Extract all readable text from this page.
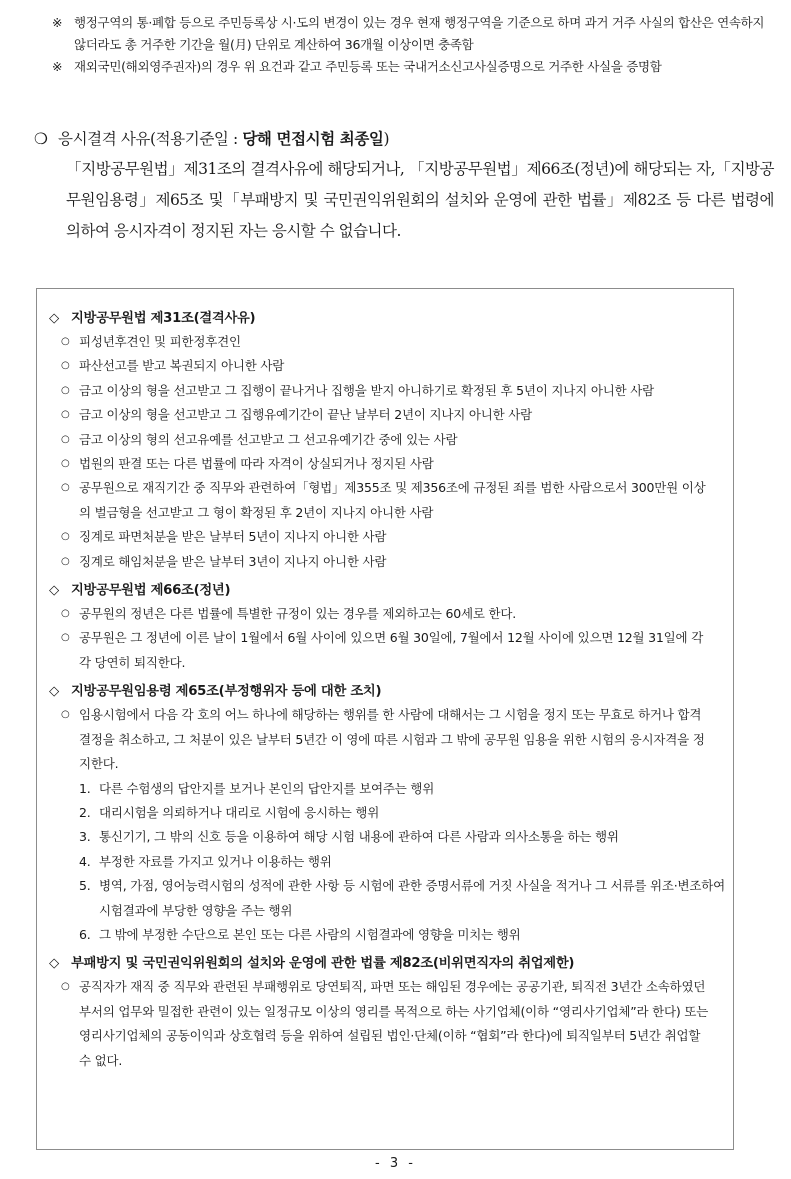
※ 행정구역의 통·폐합 등으로 주민등록상 시·도의 변경이 있는 경우 현재 행정구역을 기준으로 하며 과거 거주 사실의 합산은 연속하지 않더라도 총 거주한 기간을 월(月) 단위로 계산하여 36개월 이상이면 충족함
※ 재외국민(해외영주권자)의 경우 위 요건과 같고 주민등록 또는 국내거소신고사실증명으로 거주한 사실을 증명함
❍ 응시결격 사유(적용기준일 : 당해 면접시험 최종일)
「지방공무원법」제31조의 결격사유에 해당되거나, 「지방공무원법」제66조(정년)에 해당되는 자,「지방공무원임용령」제65조 및「부패방지 및 국민권익위원회의 설치와 운영에 관한 법률」제82조 등 다른 법령에 의하여 응시자격이 정지된 자는 응시할 수 없습니다.
◇ 지방공무원법 제31조(결격사유)
○ 피성년후견인 및 피한정후견인
○ 파산선고를 받고 복권되지 아니한 사람
○ 금고 이상의 형을 선고받고 그 집행이 끝나거나 집행을 받지 아니하기로 확정된 후 5년이 지나지 아니한 사람
○ 금고 이상의 형을 선고받고 그 집행유예기간이 끝난 날부터 2년이 지나지 아니한 사람
○ 금고 이상의 형의 선고유예를 선고받고 그 선고유예기간 중에 있는 사람
○ 법원의 판결 또는 다른 법률에 따라 자격이 상실되거나 정지된 사람
○ 공무원으로 재직기간 중 직무와 관련하여「형법」제355조 및 제356조에 규정된 죄를 범한 사람으로서 300만원 이상의 벌금형을 선고받고 그 형이 확정된 후 2년이 지나지 아니한 사람
○ 징계로 파면처분을 받은 날부터 5년이 지나지 아니한 사람
○ 징계로 해임처분을 받은 날부터 3년이 지나지 아니한 사람
◇ 지방공무원법 제66조(정년)
○ 공무원의 정년은 다른 법률에 특별한 규정이 있는 경우를 제외하고는 60세로 한다.
○ 공무원은 그 정년에 이른 날이 1월에서 6월 사이에 있으면 6월 30일에, 7월에서 12월 사이에 있으면 12월 31일에 각각 당연히 퇴직한다.
◇ 지방공무원임용령 제65조(부정행위자 등에 대한 조치)
○ 임용시험에서 다음 각 호의 어느 하나에 해당하는 행위를 한 사람에 대해서는 그 시험을 정지 또는 무효로 하거나 합격 결정을 취소하고, 그 처분이 있은 날부터 5년간 이 영에 따른 시험과 그 밖에 공무원 임용을 위한 시험의 응시자격을 정지한다.
1. 다른 수험생의 답안지를 보거나 본인의 답안지를 보여주는 행위
2. 대리시험을 의뢰하거나 대리로 시험에 응시하는 행위
3. 통신기기, 그 밖의 신호 등을 이용하여 해당 시험 내용에 관하여 다른 사람과 의사소통을 하는 행위
4. 부정한 자료를 가지고 있거나 이용하는 행위
5. 병역, 가점, 영어능력시험의 성적에 관한 사항 등 시험에 관한 증명서류에 거짓 사실을 적거나 그 서류를 위조·변조하여 시험결과에 부당한 영향을 주는 행위
6. 그 밖에 부정한 수단으로 본인 또는 다른 사람의 시험결과에 영향을 미치는 행위
◇ 부패방지 및 국민권익위원회의 설치와 운영에 관한 법률 제82조(비위면직자의 취업제한)
○ 공직자가 재직 중 직무와 관련된 부패행위로 당연퇴직, 파면 또는 해임된 경우에는 공공기관, 퇴직전 3년간 소속하였던 부서의 업무와 밀접한 관련이 있는 일정규모 이상의 영리를 목적으로 하는 사기업체(이하 “영리사기업체”라 한다) 또는 영리사기업체의 공동이익과 상호협력 등을 위하여 설립된 법인·단체(이하 “협회”라 한다)에 퇴직일부터 5년간 취업할 수 없다.
- 3 -
